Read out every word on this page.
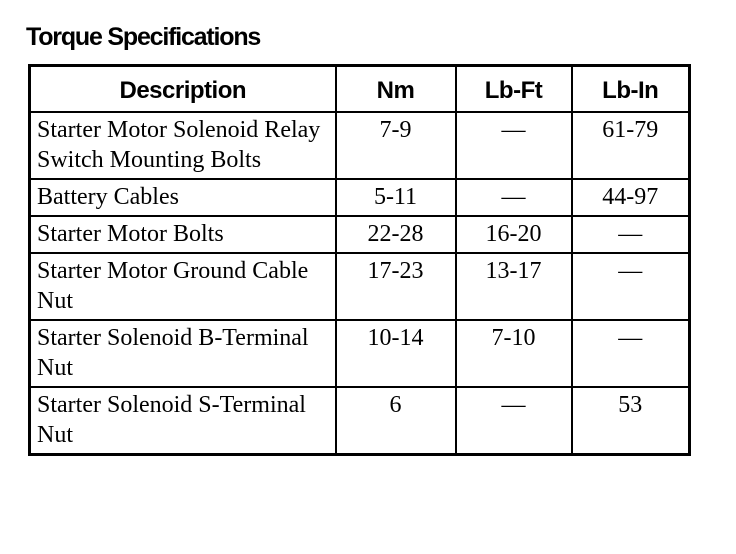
Torque Specifications
Description	Nm	Lb-Ft	Lb-In
Starter Motor Solenoid Relay Switch Mounting Bolts	7-9	—	61-79
Battery Cables	5-11	—	44-97
Starter Motor Bolts	22-28	16-20	—
Starter Motor Ground Cable Nut	17-23	13-17	—
Starter Solenoid B-Terminal Nut	10-14	7-10	—
Starter Solenoid S-Terminal Nut	6	—	53
